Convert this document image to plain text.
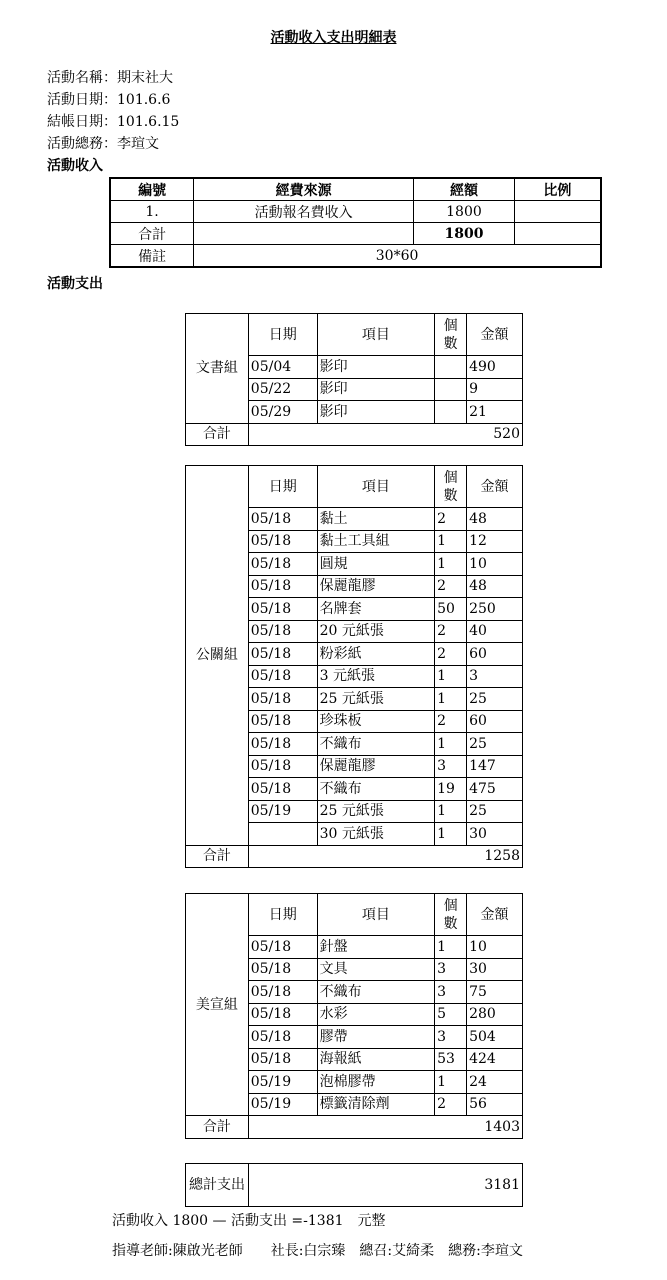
活動收入支出明細表
活動名稱：期末社大
活動日期：101.6.6
結帳日期：101.6.15
活動總務：李瑄文
活動收入
編號	經費來源	經額	比例
1.	活動報名費收入	1800	
合計		1800	
備註	30*60		
活動支出
文書組	日期	項目	個數	金額
	05/04	影印		490
	05/22	影印		9
	05/29	影印		21
合計	520			
公關組	日期	項目	個數	金額
	05/18	黏土	2	48
	05/18	黏土工具組	1	12
	05/18	圓規	1	10
	05/18	保麗龍膠	2	48
	05/18	名牌套	50	250
	05/18	20 元紙張	2	40
	05/18	粉彩紙	2	60
	05/18	3 元紙張	1	3
	05/18	25 元紙張	1	25
	05/18	珍珠板	2	60
	05/18	不織布	1	25
	05/18	保麗龍膠	3	147
	05/18	不織布	19	475
	05/19	25 元紙張	1	25
		30 元紙張	1	30
合計	1258			
美宣組	日期	項目	個數	金額
	05/18	針盤	1	10
	05/18	文具	3	30
	05/18	不織布	3	75
	05/18	水彩	5	280
	05/18	膠帶	3	504
	05/18	海報紙	53	424
	05/19	泡棉膠帶	1	24
	05/19	標籤清除劑	2	56
合計	1403			
總計支出	3181
活動收入 1800 — 活動支出 =-1381　元整
指導老師:陳啟光老師　　社長:白宗臻　總召:艾綺柔　總務:李瑄文
